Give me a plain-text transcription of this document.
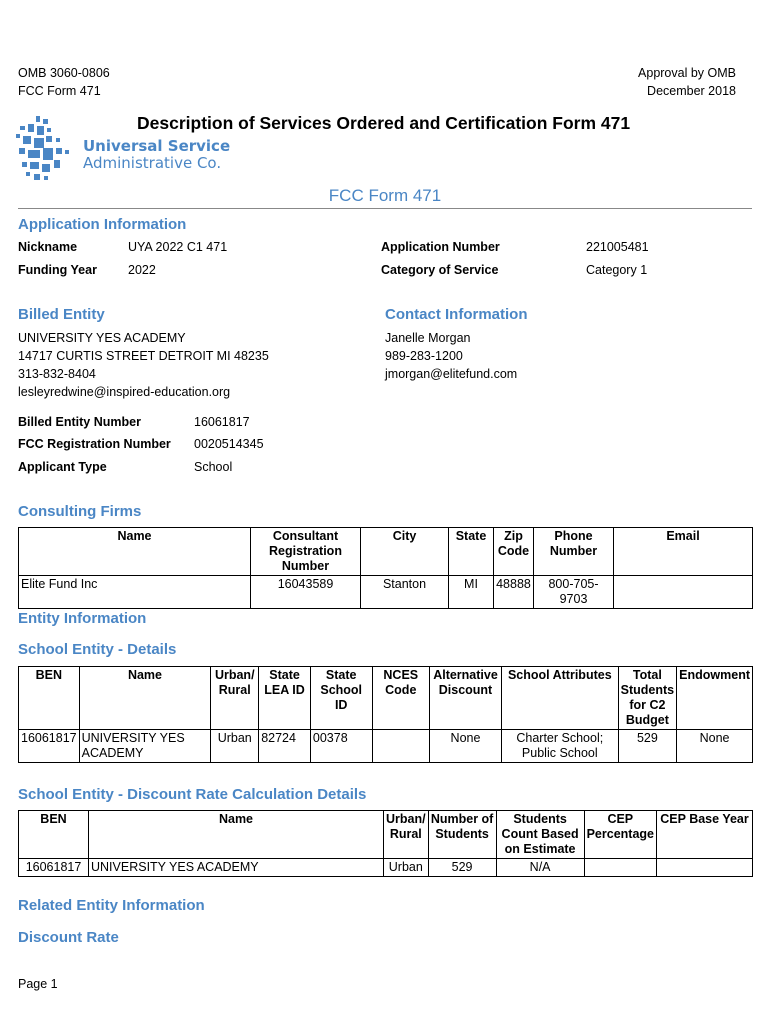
OMB 3060-0806
FCC Form 471
Approval by OMB
December 2018
Universal Service
Administrative Co.
Description of Services Ordered and Certification Form 471
FCC Form 471
Application Information
Nickname	UYA 2022 C1 471	Application Number	221005481
Funding Year 2022	Category of Service	Category 1
Billed Entity
UNIVERSITY YES ACADEMY
14717 CURTIS STREET DETROIT MI 48235
313-832-8404
lesleyredwine@inspired-education.org
Billed Entity Number	16061817
FCC Registration Number 0020514345
Applicant Type	School
Contact Information
Janelle Morgan
989-283-1200
jmorgan@elitefund.com
Consulting Firms
Name	Consultant Registration Number	City	State	Zip Code	Phone Number	Email
Elite Fund Inc	16043589	Stanton	MI	48888	800-705-9703	
Entity Information
School Entity - Details
BEN	Name	Urban/ Rural	State LEA ID	State School ID	NCES Code	Alternative Discount	School Attributes	Total Students for C2 Budget	Endowment
16061817	UNIVERSITY YES ACADEMY	Urban	82724	00378		None	Charter School; Public School	529	None
School Entity - Discount Rate Calculation Details
BEN	Name	Urban/ Rural	Number of Students	Students Count Based on Estimate	CEP Percentage	CEP Base Year
16061817	UNIVERSITY YES ACADEMY	Urban	529	N/A		
Related Entity Information
Discount Rate
Page 1
